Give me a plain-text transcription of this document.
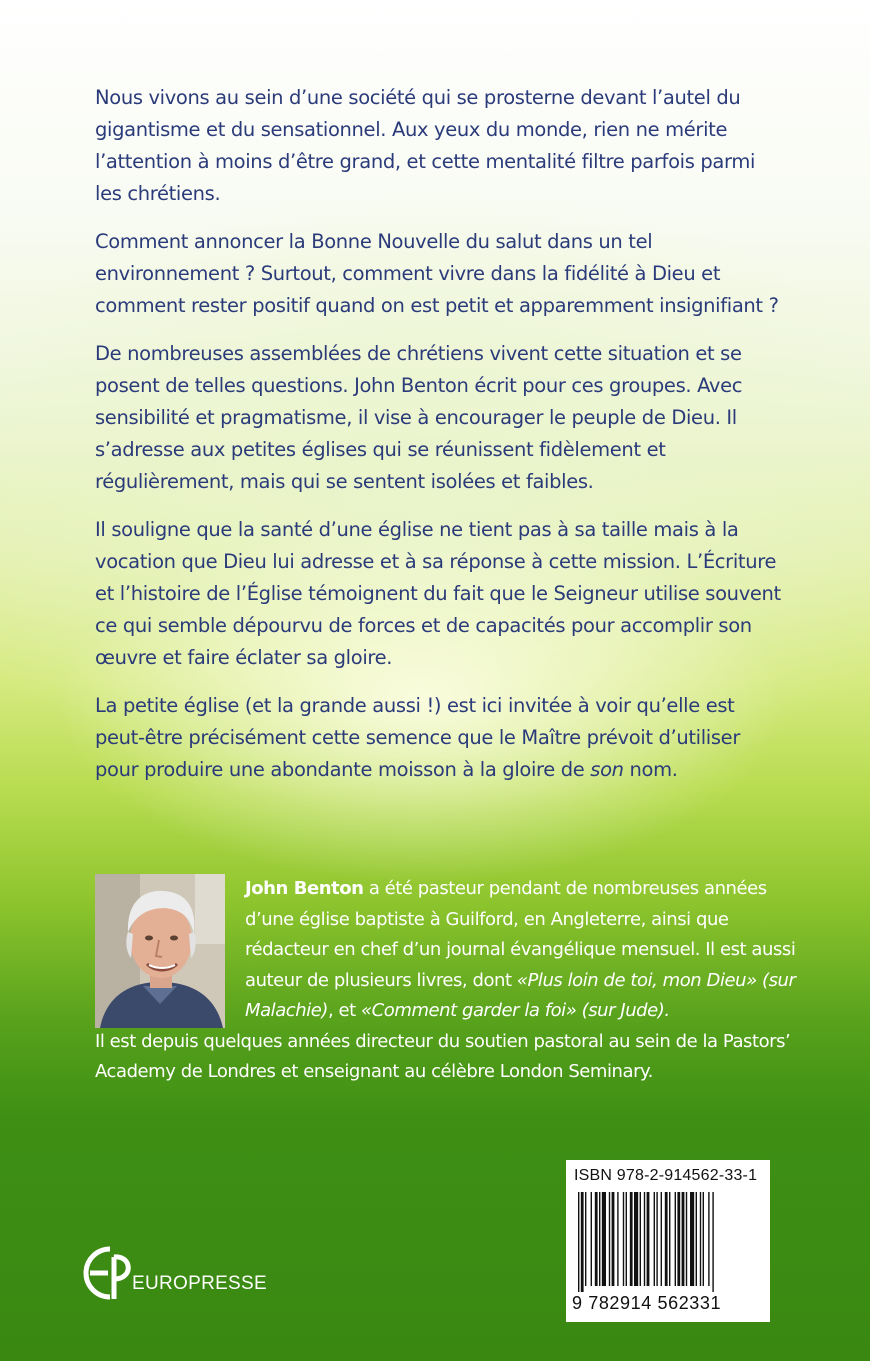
Nous vivons au sein d’une société qui se prosterne devant l’autel du gigantisme et du sensationnel. Aux yeux du monde, rien ne mérite l’attention à moins d’être grand, et cette mentalité filtre parfois parmi les chrétiens.

Comment annoncer la Bonne Nouvelle du salut dans un tel environnement ? Surtout, comment vivre dans la fidélité à Dieu et comment rester positif quand on est petit et apparemment insignifiant ?

De nombreuses assemblées de chrétiens vivent cette situation et se posent de telles questions. John Benton écrit pour ces groupes. Avec sensibilité et pragmatisme, il vise à encourager le peuple de Dieu. Il s’adresse aux petites églises qui se réunissent fidèlement et régulièrement, mais qui se sentent isolées et faibles.

Il souligne que la santé d’une église ne tient pas à sa taille mais à la vocation que Dieu lui adresse et à sa réponse à cette mission. L’Écriture et l’histoire de l’Église témoignent du fait que le Seigneur utilise souvent ce qui semble dépourvu de forces et de capacités pour accomplir son œuvre et faire éclater sa gloire.

La petite église (et la grande aussi !) est ici invitée à voir qu’elle est peut-être précisément cette semence que le Maître prévoit d’utiliser pour produire une abondante moisson à la gloire de son nom.

John Benton a été pasteur pendant de nombreuses années d’une église baptiste à Guilford, en Angleterre, ainsi que rédacteur en chef d’un journal évangélique mensuel. Il est aussi auteur de plusieurs livres, dont «Plus loin de toi, mon Dieu» (sur Malachie), et «Comment garder la foi» (sur Jude).
Il est depuis quelques années directeur du soutien pastoral au sein de la Pastors’ Academy de Londres et enseignant au célèbre London Seminary.
ISBN 978-2-914562-33-1
9 782914 562331
EUROPRESSE
